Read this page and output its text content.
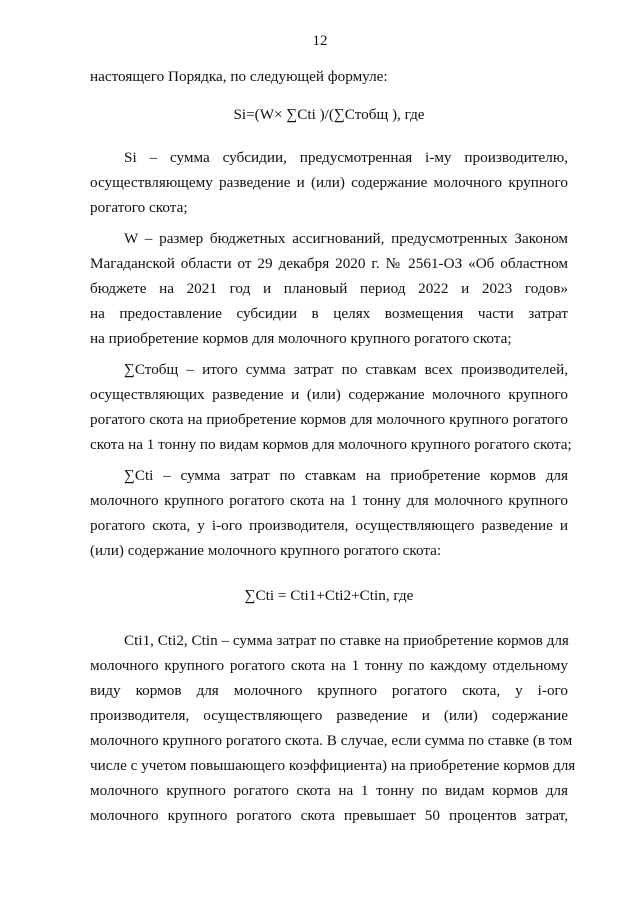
12
настоящего Порядка, по следующей формуле:
Si=(W× ∑Cti )/(∑Стобщ ), где
Si – сумма субсидии, предусмотренная i-му производителю,
осуществляющему разведение и (или) содержание молочного крупного
рогатого скота;
W – размер бюджетных ассигнований, предусмотренных Законом
Магаданской области от 29 декабря 2020 г. № 2561-ОЗ «Об областном
бюджете на 2021 год и плановый период 2022 и 2023 годов»
на предоставление субсидии в целях возмещения части затрат
на приобретение кормов для молочного крупного рогатого скота;
∑Стобщ – итого сумма затрат по ставкам всех производителей,
осуществляющих разведение и (или) содержание молочного крупного
рогатого скота на приобретение кормов для молочного крупного рогатого
скота на 1 тонну по видам кормов для молочного крупного рогатого скота;
∑Cti – сумма затрат по ставкам на приобретение кормов для
молочного крупного рогатого скота на 1 тонну для молочного крупного
рогатого скота, у i-ого производителя, осуществляющего разведение и
(или) содержание молочного крупного рогатого скота:
∑Cti = Cti1+Cti2+Ctin, где
Cti1, Cti2, Ctin – сумма затрат по ставке на приобретение кормов для
молочного крупного рогатого скота на 1 тонну по каждому отдельному
виду кормов для молочного крупного рогатого скота, у i-ого
производителя, осуществляющего разведение и (или) содержание
молочного крупного рогатого скота. В случае, если сумма по ставке (в том
числе с учетом повышающего коэффициента) на приобретение кормов для
молочного крупного рогатого скота на 1 тонну по видам кормов для
молочного крупного рогатого скота превышает 50 процентов затрат,
